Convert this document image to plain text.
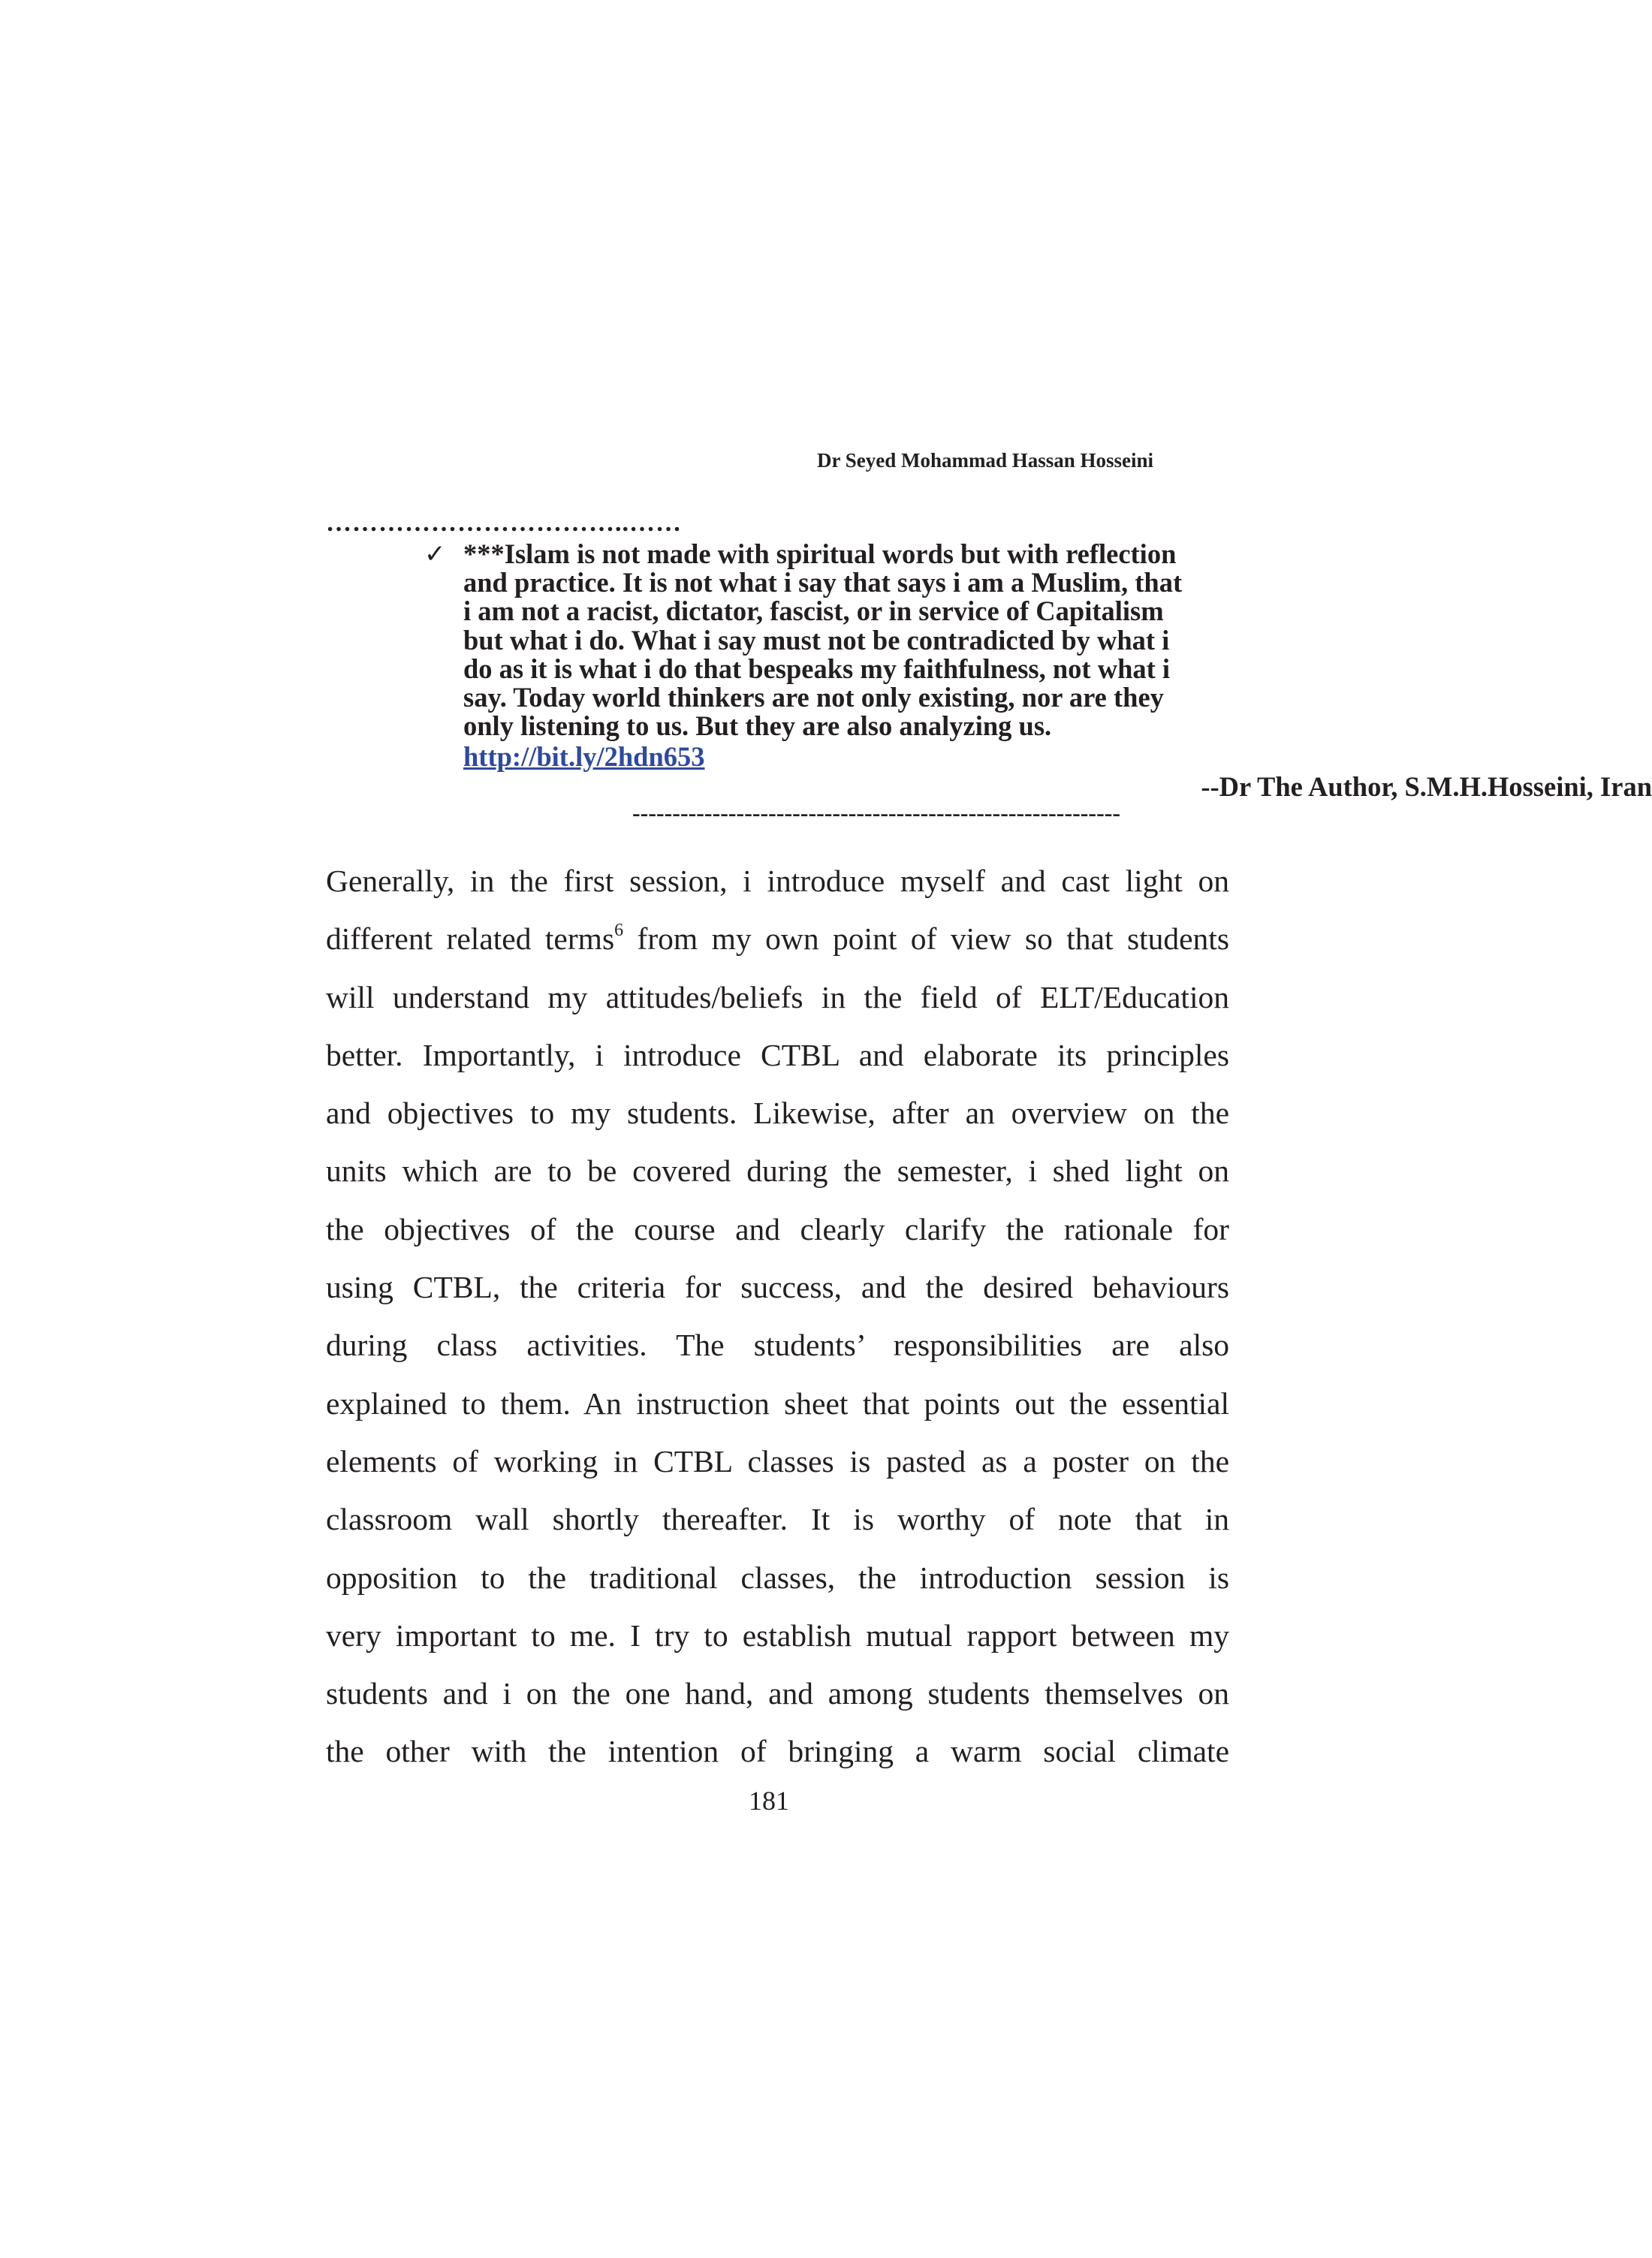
Dr Seyed Mohammad Hassan Hosseini
……………………………..……
✓ ***Islam is not made with spiritual words but with reflection
and practice. It is not what i say that says i am a Muslim, that
i am not a racist, dictator, fascist, or in service of Capitalism
but what i do. What i say must not be contradicted by what i
do as it is what i do that bespeaks my faithfulness, not what i
say. Today world thinkers are not only existing, nor are they
only listening to us. But they are also analyzing us.
http://bit.ly/2hdn653
--Dr The Author, S.M.H.Hosseini, Iran
-------------------------------------------------------------
Generally, in the first session, i introduce myself and cast light on
different related terms$^6$ from my own point of view so that students
will understand my attitudes/beliefs in the field of ELT/Education
better. Importantly, i introduce CTBL and elaborate its principles
and objectives to my students. Likewise, after an overview on the
units which are to be covered during the semester, i shed light on
the objectives of the course and clearly clarify the rationale for
using CTBL, the criteria for success, and the desired behaviours
during class activities. The students’ responsibilities are also
explained to them. An instruction sheet that points out the essential
elements of working in CTBL classes is pasted as a poster on the
classroom wall shortly thereafter. It is worthy of note that in
opposition to the traditional classes, the introduction session is
very important to me. I try to establish mutual rapport between my
students and i on the one hand, and among students themselves on
the other with the intention of bringing a warm social climate
181
